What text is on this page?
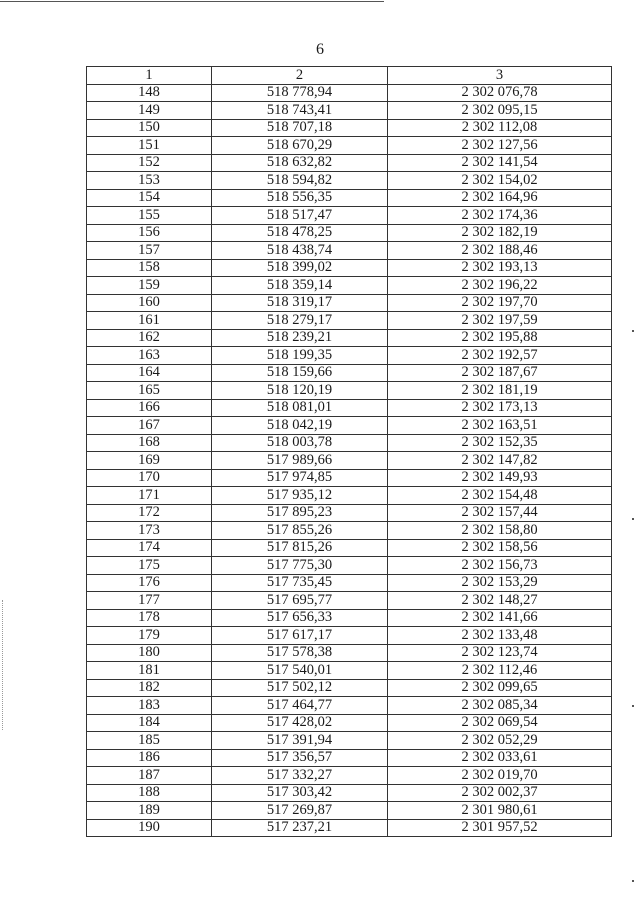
6
1	2	3
148	518 778,94	2 302 076,78
149	518 743,41	2 302 095,15
150	518 707,18	2 302 112,08
151	518 670,29	2 302 127,56
152	518 632,82	2 302 141,54
153	518 594,82	2 302 154,02
154	518 556,35	2 302 164,96
155	518 517,47	2 302 174,36
156	518 478,25	2 302 182,19
157	518 438,74	2 302 188,46
158	518 399,02	2 302 193,13
159	518 359,14	2 302 196,22
160	518 319,17	2 302 197,70
161	518 279,17	2 302 197,59
162	518 239,21	2 302 195,88
163	518 199,35	2 302 192,57
164	518 159,66	2 302 187,67
165	518 120,19	2 302 181,19
166	518 081,01	2 302 173,13
167	518 042,19	2 302 163,51
168	518 003,78	2 302 152,35
169	517 989,66	2 302 147,82
170	517 974,85	2 302 149,93
171	517 935,12	2 302 154,48
172	517 895,23	2 302 157,44
173	517 855,26	2 302 158,80
174	517 815,26	2 302 158,56
175	517 775,30	2 302 156,73
176	517 735,45	2 302 153,29
177	517 695,77	2 302 148,27
178	517 656,33	2 302 141,66
179	517 617,17	2 302 133,48
180	517 578,38	2 302 123,74
181	517 540,01	2 302 112,46
182	517 502,12	2 302 099,65
183	517 464,77	2 302 085,34
184	517 428,02	2 302 069,54
185	517 391,94	2 302 052,29
186	517 356,57	2 302 033,61
187	517 332,27	2 302 019,70
188	517 303,42	2 302 002,37
189	517 269,87	2 301 980,61
190	517 237,21	2 301 957,52
